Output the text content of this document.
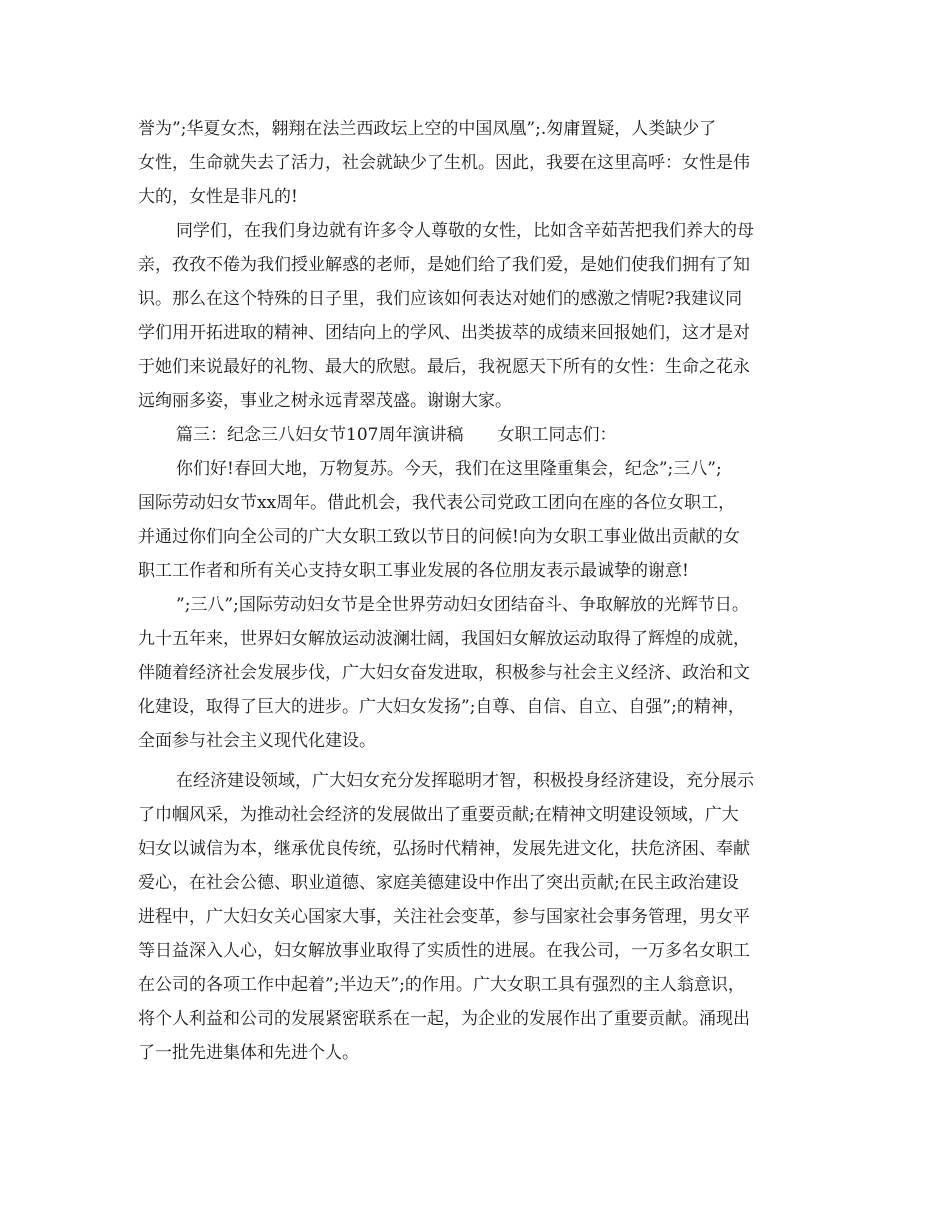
誉为”;华夏女杰，翱翔在法兰西政坛上空的中国凤凰”;.匆庸置疑，人类缺少了
女性，生命就失去了活力，社会就缺少了生机。因此，我要在这里高呼：女性是伟
大的，女性是非凡的!
同学们，在我们身边就有许多令人尊敬的女性，比如含辛茹苦把我们养大的母
亲，孜孜不倦为我们授业解惑的老师，是她们给了我们爱，是她们使我们拥有了知
识。那么在这个特殊的日子里，我们应该如何表达对她们的感激之情呢?我建议同
学们用开拓进取的精神、团结向上的学风、出类拔萃的成绩来回报她们，这才是对
于她们来说最好的礼物、最大的欣慰。最后，我祝愿天下所有的女性：生命之花永
远绚丽多姿，事业之树永远青翠茂盛。谢谢大家。
篇三：纪念三八妇女节107周年演讲稿　　女职工同志们：
你们好!春回大地，万物复苏。今天，我们在这里隆重集会，纪念”;三八”;
国际劳动妇女节xx周年。借此机会，我代表公司党政工团向在座的各位女职工，
并通过你们向全公司的广大女职工致以节日的问候!向为女职工事业做出贡献的女
职工工作者和所有关心支持女职工事业发展的各位朋友表示最诚挚的谢意!
”;三八”;国际劳动妇女节是全世界劳动妇女团结奋斗、争取解放的光辉节日。
九十五年来，世界妇女解放运动波澜壮阔，我国妇女解放运动取得了辉煌的成就，
伴随着经济社会发展步伐，广大妇女奋发进取，积极参与社会主义经济、政治和文
化建设，取得了巨大的进步。广大妇女发扬”;自尊、自信、自立、自强”;的精神，
全面参与社会主义现代化建设。
在经济建设领域，广大妇女充分发挥聪明才智，积极投身经济建设，充分展示
了巾帼风采，为推动社会经济的发展做出了重要贡献;在精神文明建设领域，广大
妇女以诚信为本，继承优良传统，弘扬时代精神，发展先进文化，扶危济困、奉献
爱心，在社会公德、职业道德、家庭美德建设中作出了突出贡献;在民主政治建设
进程中，广大妇女关心国家大事，关注社会变革，参与国家社会事务管理，男女平
等日益深入人心，妇女解放事业取得了实质性的进展。在我公司，一万多名女职工
在公司的各项工作中起着”;半边天”;的作用。广大女职工具有强烈的主人翁意识，
将个人利益和公司的发展紧密联系在一起，为企业的发展作出了重要贡献。涌现出
了一批先进集体和先进个人。
